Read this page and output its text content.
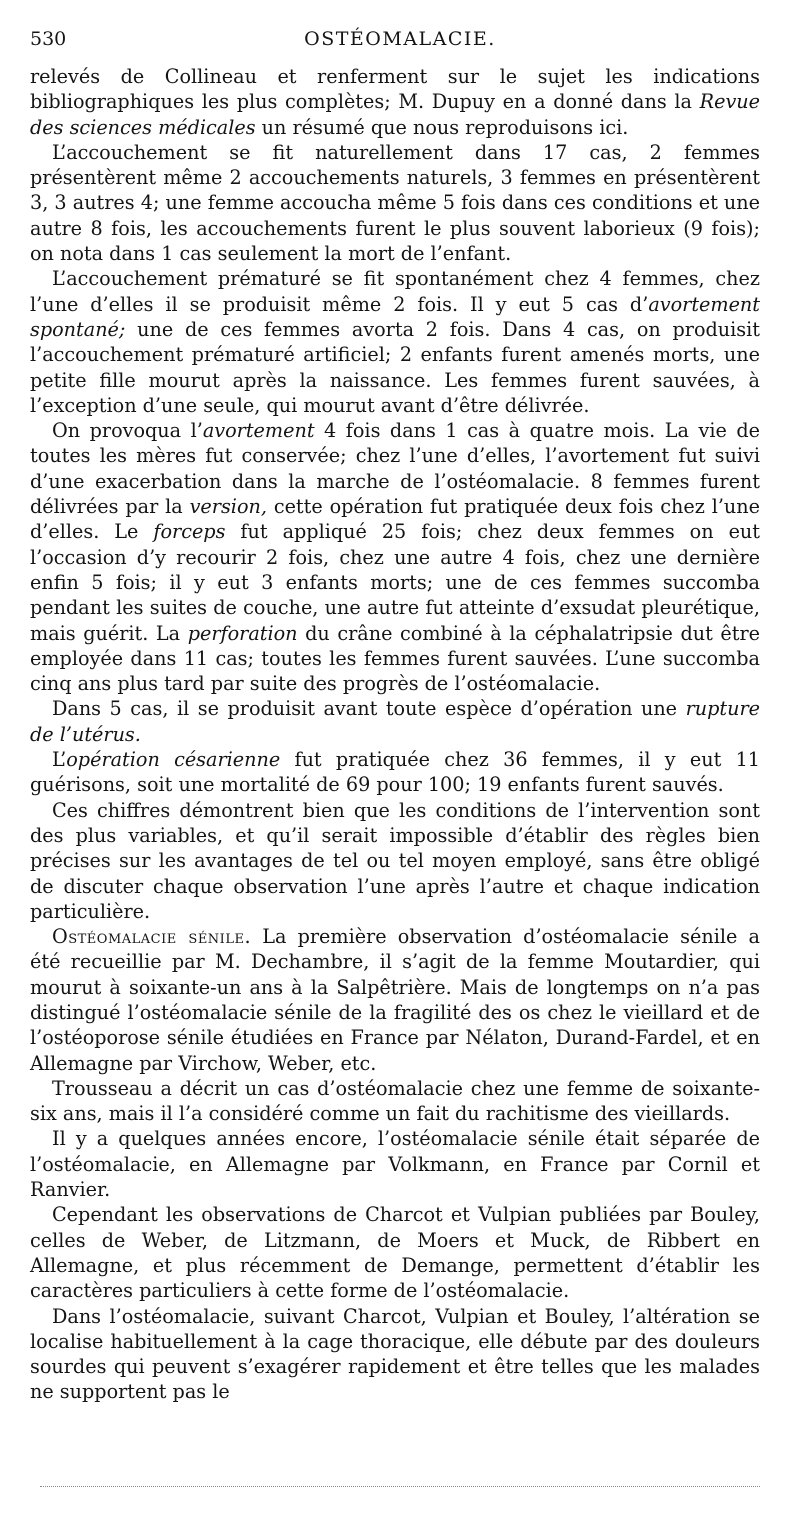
530	OSTÉOMALACIE.

relevés de Collineau et renferment sur le sujet les indications bibliographiques les plus complètes; M. Dupuy en a donné dans la Revue des sciences médicales un résumé que nous reproduisons ici.

L’accouchement se fit naturellement dans 17 cas, 2 femmes présentèrent même 2 accouchements naturels, 3 femmes en présentèrent 3, 3 autres 4; une femme accoucha même 5 fois dans ces conditions et une autre 8 fois, les accouchements furent le plus souvent laborieux (9 fois); on nota dans 1 cas seulement la mort de l’enfant.

L’accouchement prématuré se fit spontanément chez 4 femmes, chez l’une d’elles il se produisit même 2 fois. Il y eut 5 cas d’avortement spontané; une de ces femmes avorta 2 fois. Dans 4 cas, on produisit l’accouchement prématuré artificiel; 2 enfants furent amenés morts, une petite fille mourut après la naissance. Les femmes furent sauvées, à l’exception d’une seule, qui mourut avant d’être délivrée.

On provoqua l’avortement 4 fois dans 1 cas à quatre mois. La vie de toutes les mères fut conservée; chez l’une d’elles, l’avortement fut suivi d’une exacerbation dans la marche de l’ostéomalacie. 8 femmes furent délivrées par la version, cette opération fut pratiquée deux fois chez l’une d’elles. Le forceps fut appliqué 25 fois; chez deux femmes on eut l’occasion d’y recourir 2 fois, chez une autre 4 fois, chez une dernière enfin 5 fois; il y eut 3 enfants morts; une de ces femmes succomba pendant les suites de couche, une autre fut atteinte d’exsudat pleurétique, mais guérit. La perforation du crâne combiné à la céphalatripsie dut être employée dans 11 cas; toutes les femmes furent sauvées. L’une succomba cinq ans plus tard par suite des progrès de l’ostéomalacie.

Dans 5 cas, il se produisit avant toute espèce d’opération une rupture de l’utérus.

L’opération césarienne fut pratiquée chez 36 femmes, il y eut 11 guérisons, soit une mortalité de 69 pour 100; 19 enfants furent sauvés.

Ces chiffres démontrent bien que les conditions de l’intervention sont des plus variables, et qu’il serait impossible d’établir des règles bien précises sur les avantages de tel ou tel moyen employé, sans être obligé de discuter chaque observation l’une après l’autre et chaque indication particulière.

Ostéomalacie sénile. La première observation d’ostéomalacie sénile a été recueillie par M. Dechambre, il s’agit de la femme Moutardier, qui mourut à soixante-un ans à la Salpêtrière. Mais de longtemps on n’a pas distingué l’ostéomalacie sénile de la fragilité des os chez le vieillard et de l’ostéoporose sénile étudiées en France par Nélaton, Durand-Fardel, et en Allemagne par Virchow, Weber, etc.

Trousseau a décrit un cas d’ostéomalacie chez une femme de soixante-six ans, mais il l’a considéré comme un fait du rachitisme des vieillards.

Il y a quelques années encore, l’ostéomalacie sénile était séparée de l’ostéomalacie, en Allemagne par Volkmann, en France par Cornil et Ranvier.

Cependant les observations de Charcot et Vulpian publiées par Bouley, celles de Weber, de Litzmann, de Moers et Muck, de Ribbert en Allemagne, et plus récemment de Demange, permettent d’établir les caractères particuliers à cette forme de l’ostéomalacie.

Dans l’ostéomalacie, suivant Charcot, Vulpian et Bouley, l’altération se localise habituellement à la cage thoracique, elle débute par des douleurs sourdes qui peuvent s’exagérer rapidement et être telles que les malades ne supportent pas le
